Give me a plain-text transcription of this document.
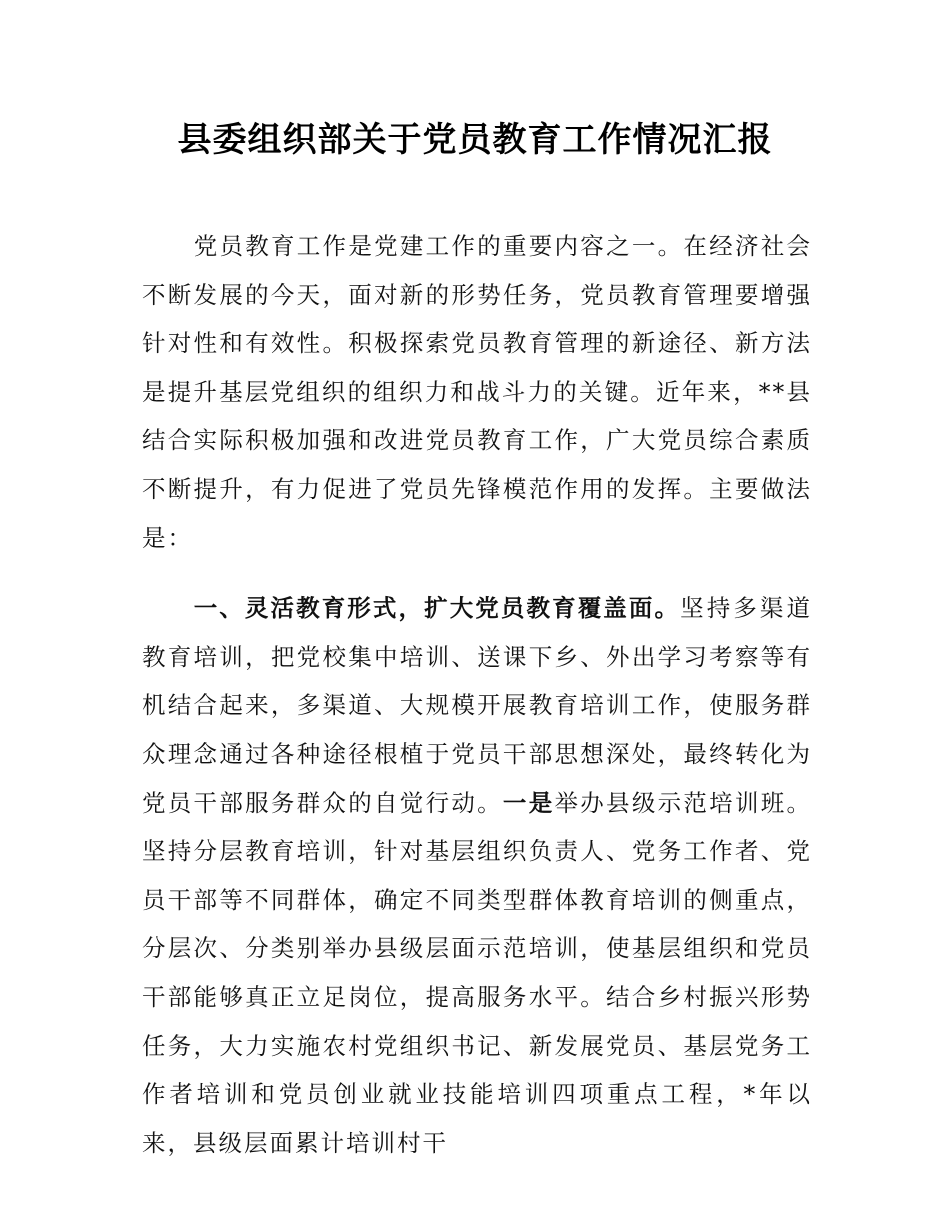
县委组织部关于党员教育工作情况汇报

党员教育工作是党建工作的重要内容之一。在经济社会不断发展的今天，面对新的形势任务，党员教育管理要增强针对性和有效性。积极探索党员教育管理的新途径、新方法是提升基层党组织的组织力和战斗力的关键。近年来，**县结合实际积极加强和改进党员教育工作，广大党员综合素质不断提升，有力促进了党员先锋模范作用的发挥。主要做法是：

一、灵活教育形式，扩大党员教育覆盖面。坚持多渠道教育培训，把党校集中培训、送课下乡、外出学习考察等有机结合起来，多渠道、大规模开展教育培训工作，使服务群众理念通过各种途径根植于党员干部思想深处，最终转化为党员干部服务群众的自觉行动。一是举办县级示范培训班。坚持分层教育培训，针对基层组织负责人、党务工作者、党员干部等不同群体，确定不同类型群体教育培训的侧重点，分层次、分类别举办县级层面示范培训，使基层组织和党员干部能够真正立足岗位，提高服务水平。结合乡村振兴形势任务，大力实施农村党组织书记、新发展党员、基层党务工作者培训和党员创业就业技能培训四项重点工程，*年以来，县级层面累计培训村干
